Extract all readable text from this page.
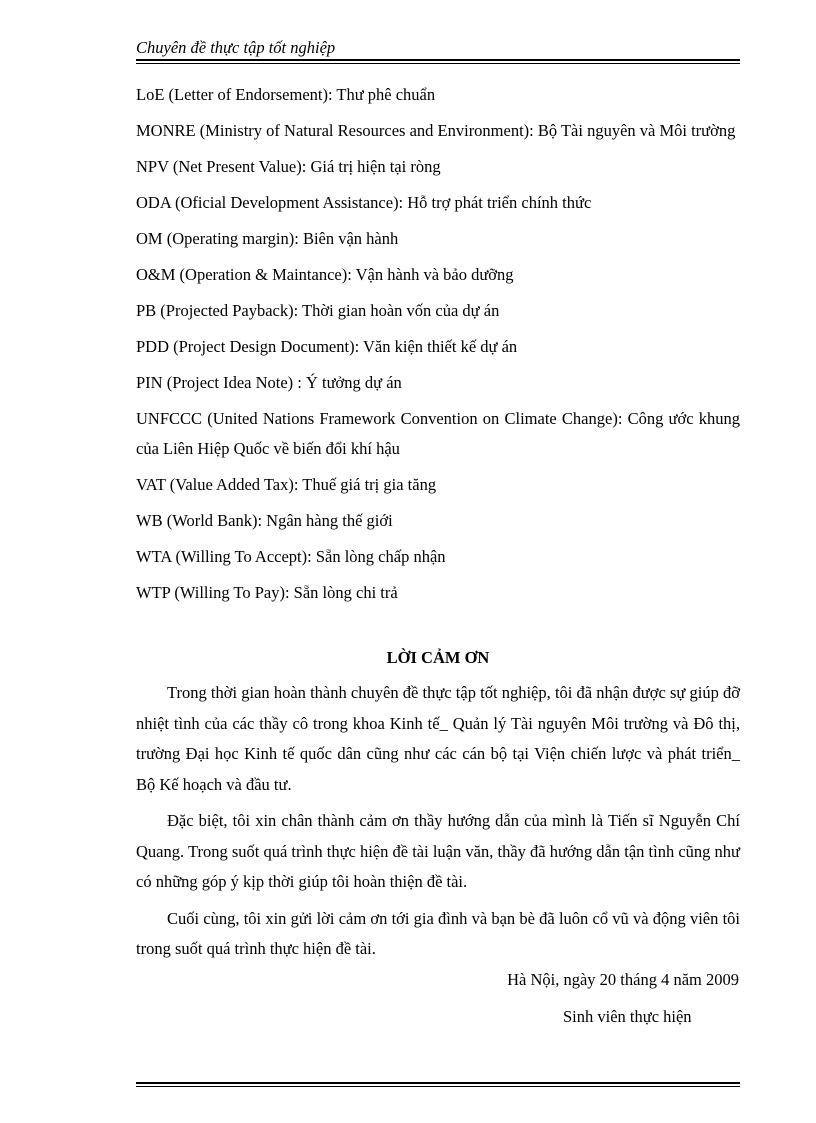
Chuyên đề thực tập tốt nghiệp
LoE (Letter of Endorsement): Thư phê chuẩn
MONRE (Ministry of Natural Resources and Environment): Bộ Tài nguyên và Môi trường
NPV (Net Present Value): Giá trị hiện tại ròng
ODA (Oficial Development Assistance): Hỗ trợ phát triển chính thức
OM (Operating margin): Biên vận hành
O&M (Operation & Maintance): Vận hành và bảo dưỡng
PB (Projected Payback): Thời gian hoàn vốn của dự án
PDD (Project Design Document): Văn kiện thiết kế dự án
PIN (Project Idea Note) : Ý tưởng dự án
UNFCCC (United Nations Framework Convention on Climate Change): Công ước khung của Liên Hiệp Quốc về biến đổi khí hậu
VAT (Value Added Tax): Thuế giá trị gia tăng
WB (World Bank): Ngân hàng thế giới
WTA (Willing To Accept): Sẵn lòng chấp nhận
WTP (Willing To Pay): Sẵn lòng chi trả
LỜI CẢM ƠN

Trong thời gian hoàn thành chuyên đề thực tập tốt nghiệp, tôi đã nhận được sự giúp đỡ nhiệt tình của các thầy cô trong khoa Kinh tế_ Quản lý Tài nguyên Môi trường và Đô thị, trường Đại học Kinh tế quốc dân cũng như các cán bộ tại Viện chiến lược và phát triển_ Bộ Kế hoạch và đầu tư.

Đặc biệt, tôi xin chân thành cảm ơn thầy hướng dẫn của mình là Tiến sĩ Nguyễn Chí Quang. Trong suốt quá trình thực hiện đề tài luận văn, thầy đã hướng dẫn tận tình cũng như có những góp ý kịp thời giúp tôi hoàn thiện đề tài.

Cuối cùng, tôi xin gửi lời cảm ơn tới gia đình và bạn bè đã luôn cổ vũ và động viên tôi trong suốt quá trình thực hiện đề tài.

Hà Nội, ngày 20 tháng 4 năm 2009
Sinh viên thực hiện
